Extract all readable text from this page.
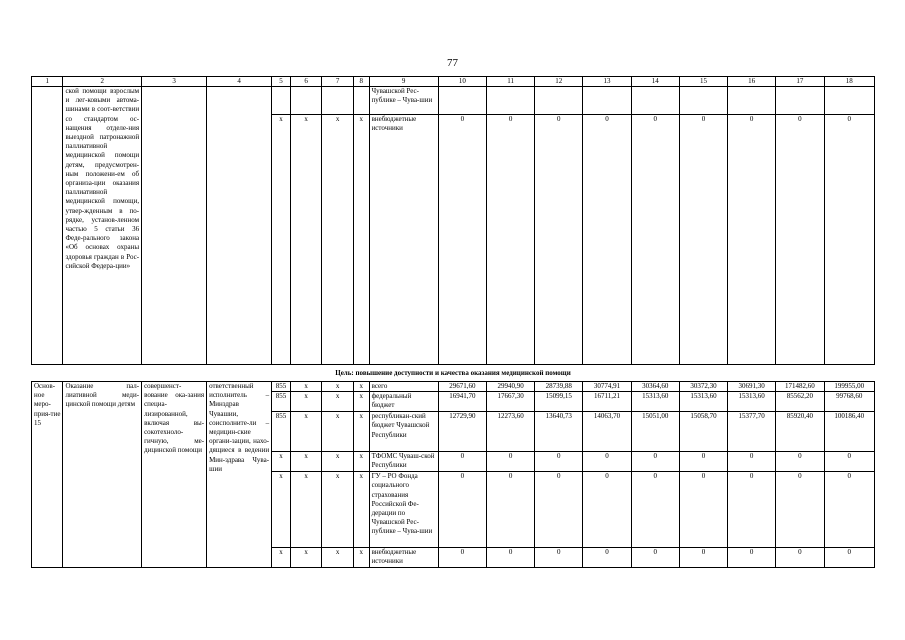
77
1	2	3	4	5	6	7	8	9	10	11	12	13	14	15	16	17	18
	ской помощи взрослым и лег-ковыми автома-шинами в соот-ветствии со стандартом ос-нащения отделе-ния выездной патронажной паллиативной медицинской помощи детям, предусмотрен-ным положени-ем об организа-ции оказания паллиативной медицинской помощи, утвер-жденным в по-рядке, установ-ленном частью 5 статьи 36 Феде-рального закона «Об основах охраны здоровья граждан в Рос-сийской Федера-ции»							Чувашской Рес-публике – Чува-шии									
				х	х	х	х	внебюджетные источники	0	0	0	0	0	0	0	0	0
Цель: повышение доступности и качества оказания медицинской помощи																	
Основ-ное меро-прия-тие 15	Оказание пал-лиативной меди-цинской помощи детям	совершенст-вование ока-зания специа-лизированной, включая вы-сокотехноло-гичную, ме-дицинской помощи	ответственный исполнитель – Минздрав Чувашии, соисполните-ли – медицин-ские органи-зации, нахо-дящиеся в ведении Мин-здрава Чува-шии	855	х	х	х	всего	29671,60	29940,90	28739,88	30774,91	30364,60	30372,30	30691,30	171482,60	199955,00
				855	х	х	х	федеральный бюджет	16941,70	17667,30	15099,15	16711,21	15313,60	15313,60	15313,60	85562,20	99768,60
				855	х	х	х	республикан-ский бюджет Чувашской Республики	12729,90	12273,60	13640,73	14063,70	15051,00	15058,70	15377,70	85920,40	100186,40
				х	х	х	х	ТФОМС Чуваш-ской Республики	0	0	0	0	0	0	0	0	0
				х	х	х	х	ГУ – РО Фонда социального страхования Российской Фе-дерации по Чувашской Рес-публике – Чува-шии	0	0	0	0	0	0	0	0	0
				х	х	х	х	внебюджетные источники	0	0	0	0	0	0	0	0	0
